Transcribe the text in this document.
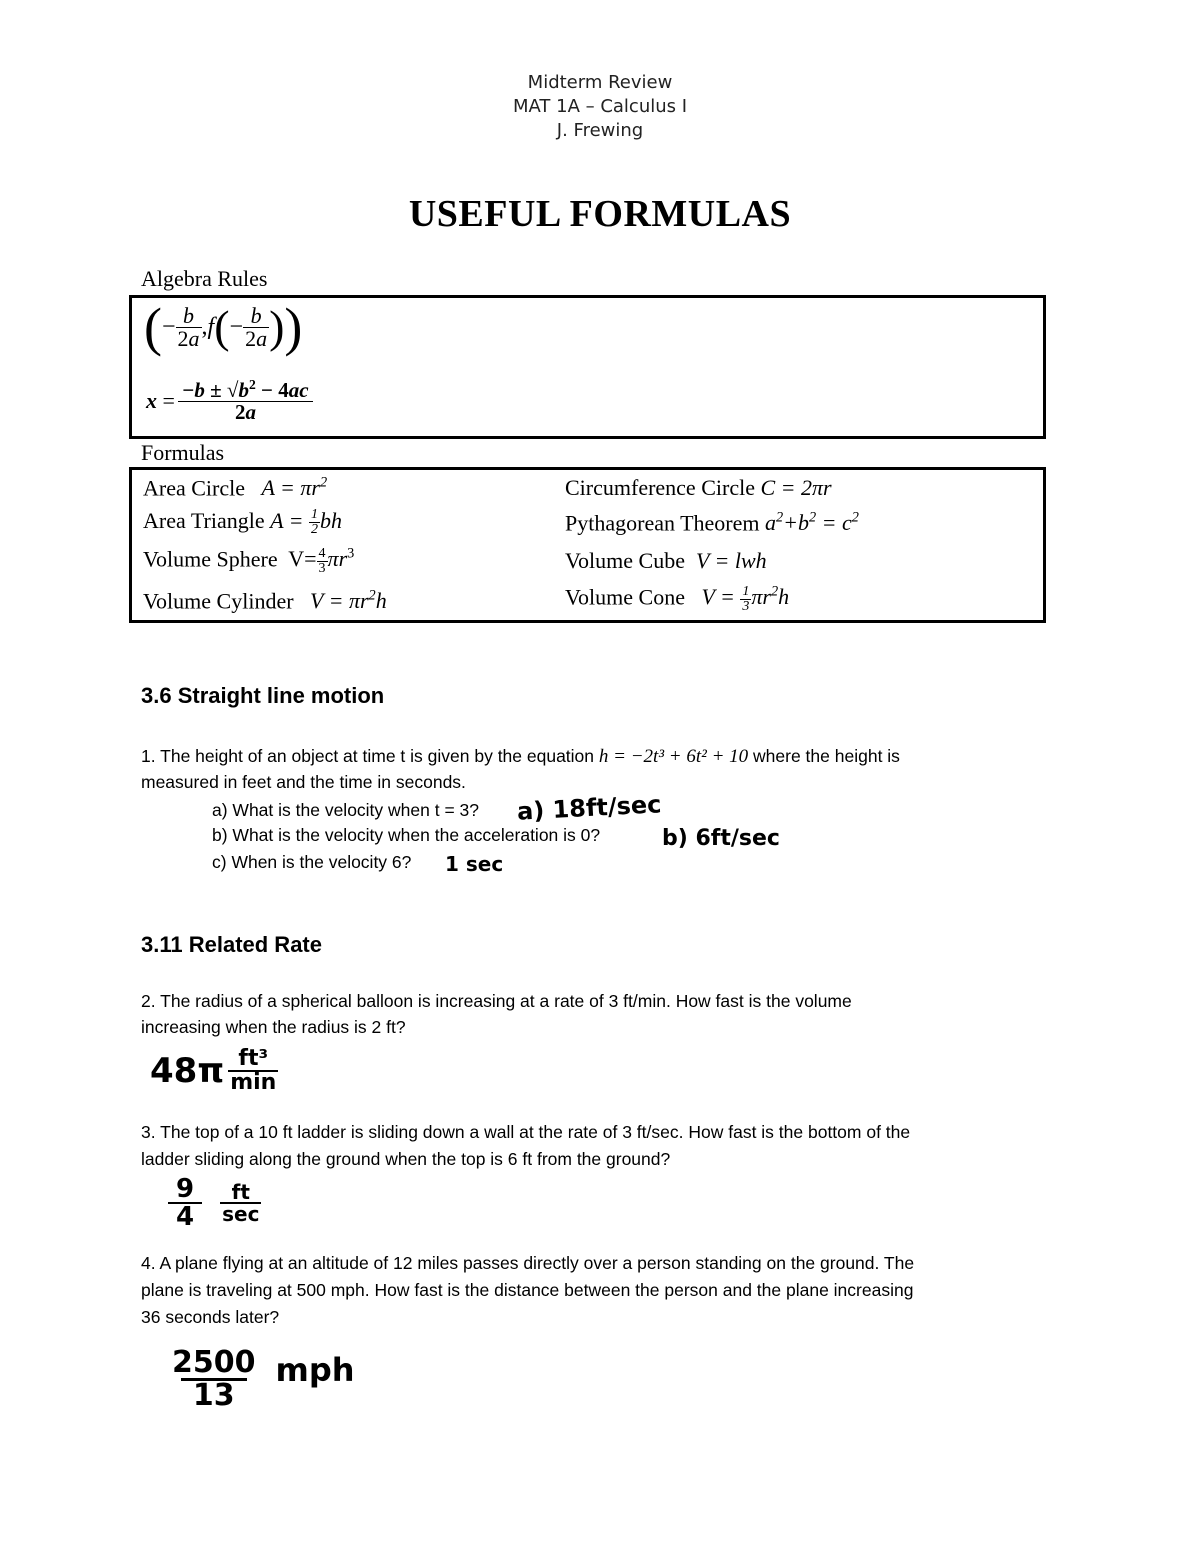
Midterm Review
MAT 1A – Calculus I
J. Frewing
USEFUL FORMULAS
Algebra Rules
( − $\frac{b}{2a}$ , f ( − $\frac{b}{2a}$ ) )
$x = \frac{-b \pm √b^2 - 4ac}{2a}$
Formulas
Area Circle $A = \pi r^2$	Circumference Circle C = 2πr
Area Triangle $A = \frac{1}{2}$ bh	Pythagorean Theorem $a^2+b^2 = c^2$
Volume Sphere $V= \frac{4}{3} \pi r^3$	Volume Cube V = lwh
Volume Cylinder $V = \pi r^2h$	Volume Cone $V = \frac{1}{3} \pi r^2h$
3.6 Straight line motion
1. The height of an object at time t is given by the equation h = −2t³ + 6t² + 10 where the height is
measured in feet and the time in seconds.
a) What is the velocity when t = 3? a) 18ft/sec
b) What is the velocity when the acceleration is 0?	b) 6ft/sec
c) When is the velocity 6? 1 sec
3.11 Related Rate
2. The radius of a spherical balloon is increasing at a rate of 3 ft/min. How fast is the volume
increasing when the radius is 2 ft?
$48\pi \frac{\text{ft³}}{\min}$
3. The top of a 10 ft ladder is sliding down a wall at the rate of 3 ft/sec. How fast is the bottom of the
ladder sliding along the ground when the top is 6 ft from the ground?
$\frac{9}{4} \frac{ft}{\sec}$
4. A plane flying at an altitude of 12 miles passes directly over a person standing on the ground. The
plane is traveling at 500 mph. How fast is the distance between the person and the plane increasing
36 seconds later?
$\frac{2500}{13}$ mph
